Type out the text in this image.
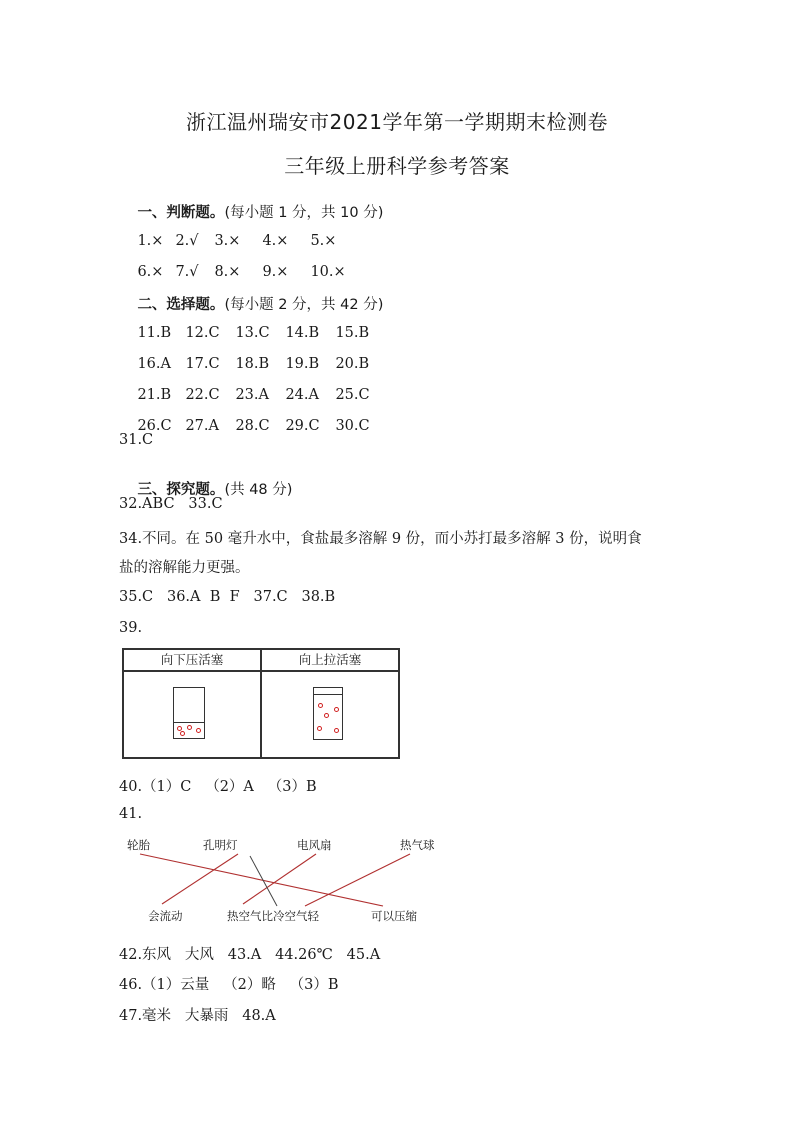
浙江温州瑞安市2021学年第一学期期末检测卷
三年级上册科学参考答案

一、判断题。(每小题 1 分，共 10 分)

1.× 2.√ 3.× 4.× 5.×

6.× 7.√ 8.× 9.× 10.×

二、选择题。(每小题 2 分，共 42 分)

11.B 12.C 13.C 14.B 15.B

16.A 17.C 18.B 19.B 20.B

21.B 22.C 23.A 24.A 25.C

26.C 27.A 28.C 29.C 30.C

31.C

三、探究题。(共 48 分)

32.ABC   33.C
34.不同。在 50 毫升水中，食盐最多溶解 9 份，而小苏打最多溶解 3 份，说明食
盐的溶解能力更强。
35.C   36.A  B  F   37.C   38.B
39.
向下压活塞	向上拉活塞
40.（1）C   （2）A   （3）B
41.
轮胎	孔明灯	电风扇	热气球
会流动	热空气比冷空气轻	可以压缩
42.东风   大风   43.A   44.26℃   45.A
46.（1）云量   （2）略   （3）B
47.毫米   大暴雨   48.A
